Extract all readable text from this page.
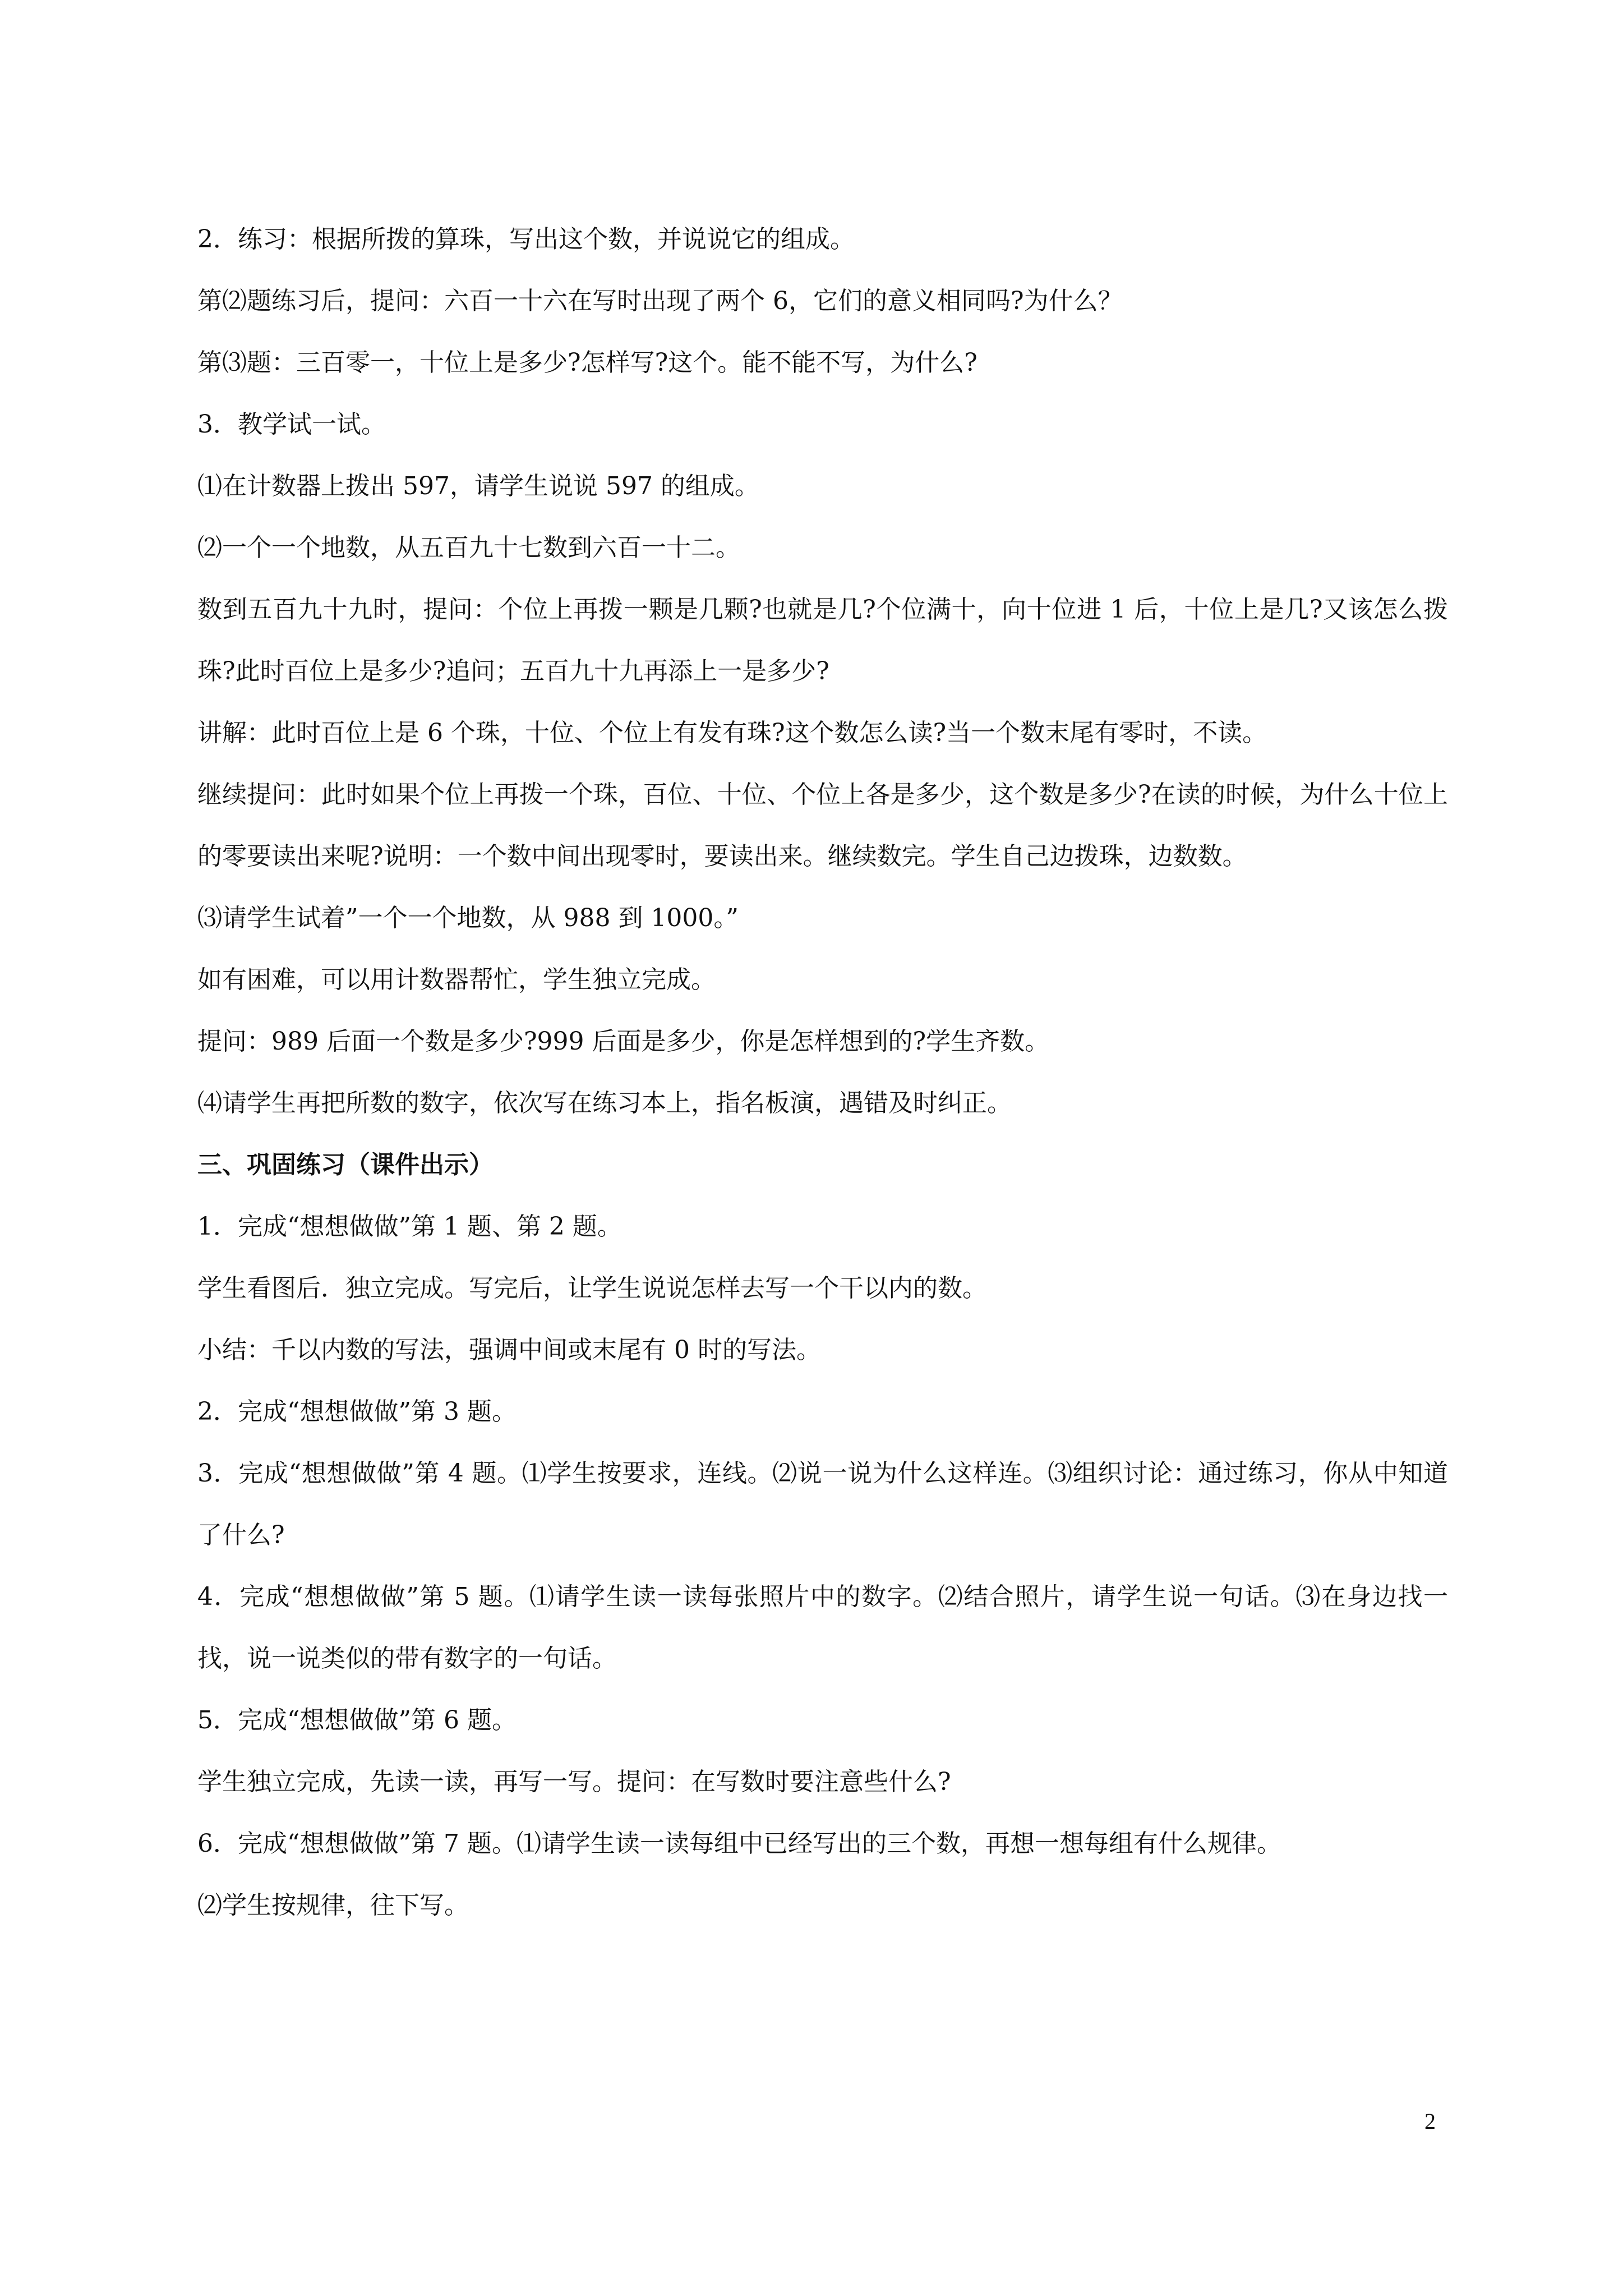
2．练习：根据所拨的算珠，写出这个数，并说说它的组成。

第⑵题练习后，提问：六百一十六在写时出现了两个 6，它们的意义相同吗?为什么？

第⑶题：三百零一，十位上是多少?怎样写?这个。能不能不写，为什么?

3．教学试一试。

⑴在计数器上拨出 597，请学生说说 597 的组成。

⑵一个一个地数，从五百九十七数到六百一十二。

数到五百九十九时，提问：个位上再拨一颗是几颗?也就是几?个位满十，向十位进 1 后，十位上是几?又该怎么拨珠?此时百位上是多少?追问；五百九十九再添上一是多少?

讲解：此时百位上是 6 个珠，十位、个位上有发有珠?这个数怎么读?当一个数末尾有零时，不读。

继续提问：此时如果个位上再拨一个珠，百位、十位、个位上各是多少，这个数是多少?在读的时候，为什么十位上的零要读出来呢?说明：一个数中间出现零时，要读出来。继续数完。学生自己边拨珠，边数数。

⑶请学生试着”一个一个地数，从 988 到 1000。”

如有困难，可以用计数器帮忙，学生独立完成。

提问：989 后面一个数是多少?999 后面是多少，你是怎样想到的?学生齐数。

⑷请学生再把所数的数字，依次写在练习本上，指名板演，遇错及时纠正。

三、巩固练习（课件出示）

1．完成“想想做做”第 1 题、第 2 题。

学生看图后．独立完成。写完后，让学生说说怎样去写一个干以内的数。

小结：千以内数的写法，强调中间或末尾有 0 时的写法。

2．完成“想想做做”第 3 题。

3．完成“想想做做”第 4 题。⑴学生按要求，连线。⑵说一说为什么这样连。⑶组织讨论：通过练习，你从中知道了什么?

4．完成“想想做做”第 5 题。⑴请学生读一读每张照片中的数字。⑵结合照片，请学生说一句话。⑶在身边找一找，说一说类似的带有数字的一句话。

5．完成“想想做做”第 6 题。

学生独立完成，先读一读，再写一写。提问：在写数时要注意些什么?

6．完成“想想做做”第 7 题。⑴请学生读一读每组中已经写出的三个数，再想一想每组有什么规律。

⑵学生按规律，往下写。

2
